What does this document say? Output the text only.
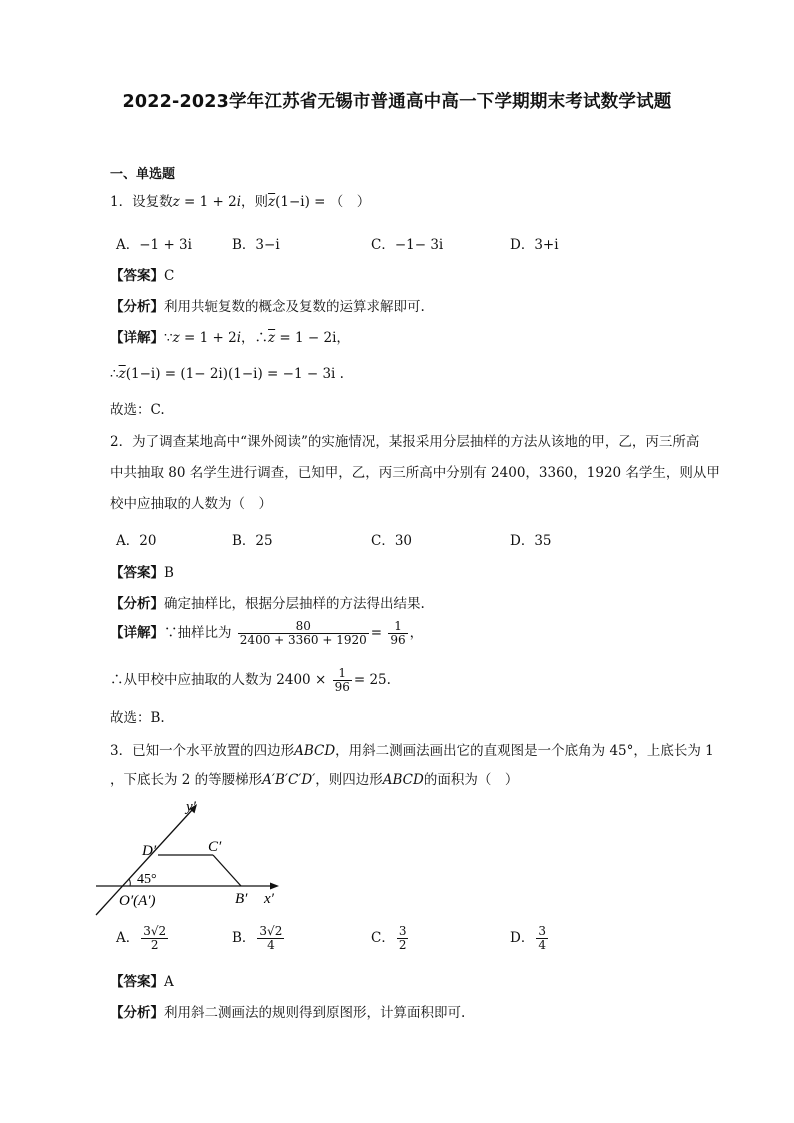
2022-2023学年江苏省无锡市普通高中高一下学期期末考试数学试题
一、单选题
1．设复数z = 1 + 2i，则$\overline{z}(1-i)$ = （　）
A．−1 + 3i	B．3−i	C．−1− 3i	D．3+i
【答案】C
【分析】利用共轭复数的概念及复数的运算求解即可.
【详解】∵z = 1 + 2i，$\therefore\overline{z} = 1 - 2i$，
$\therefore\overline{z}(1-i) = (1- 2i)(1-i) = -1 - 3i$ .
故选：C.
2．为了调查某地高中“课外阅读”的实施情况，某报采用分层抽样的方法从该地的甲，乙，丙三所高
中共抽取 80 名学生进行调查，已知甲，乙，丙三所高中分别有 2400，3360，1920 名学生，则从甲
校中应抽取的人数为（　）
A．20	B．25	C．30	D．35
【答案】B
【分析】确定抽样比，根据分层抽样的方法得出结果.
【详解】∵抽样比为 $\frac{80}{2400 + 3360 + 1920} = \frac{1}{96}$ ，
∴从甲校中应抽取的人数为 $2400 \times \frac{1}{96} = 25$.
故选：B.
3．已知一个水平放置的四边形ABCD，用斜二测画法画出它的直观图是一个底角为 45°，上底长为 1
，下底长为 2 的等腰梯形A′B′C′D′，则四边形ABCD的面积为（　）
y′
D′	C′
45°
O′(A′)	B′ x′
A． $\frac{3√2}{2}$	B． $\frac{3√2}{4}$	C． $\frac{3}{2}$	D． $\frac{3}{4}$
【答案】A
【分析】利用斜二测画法的规则得到原图形，计算面积即可.
